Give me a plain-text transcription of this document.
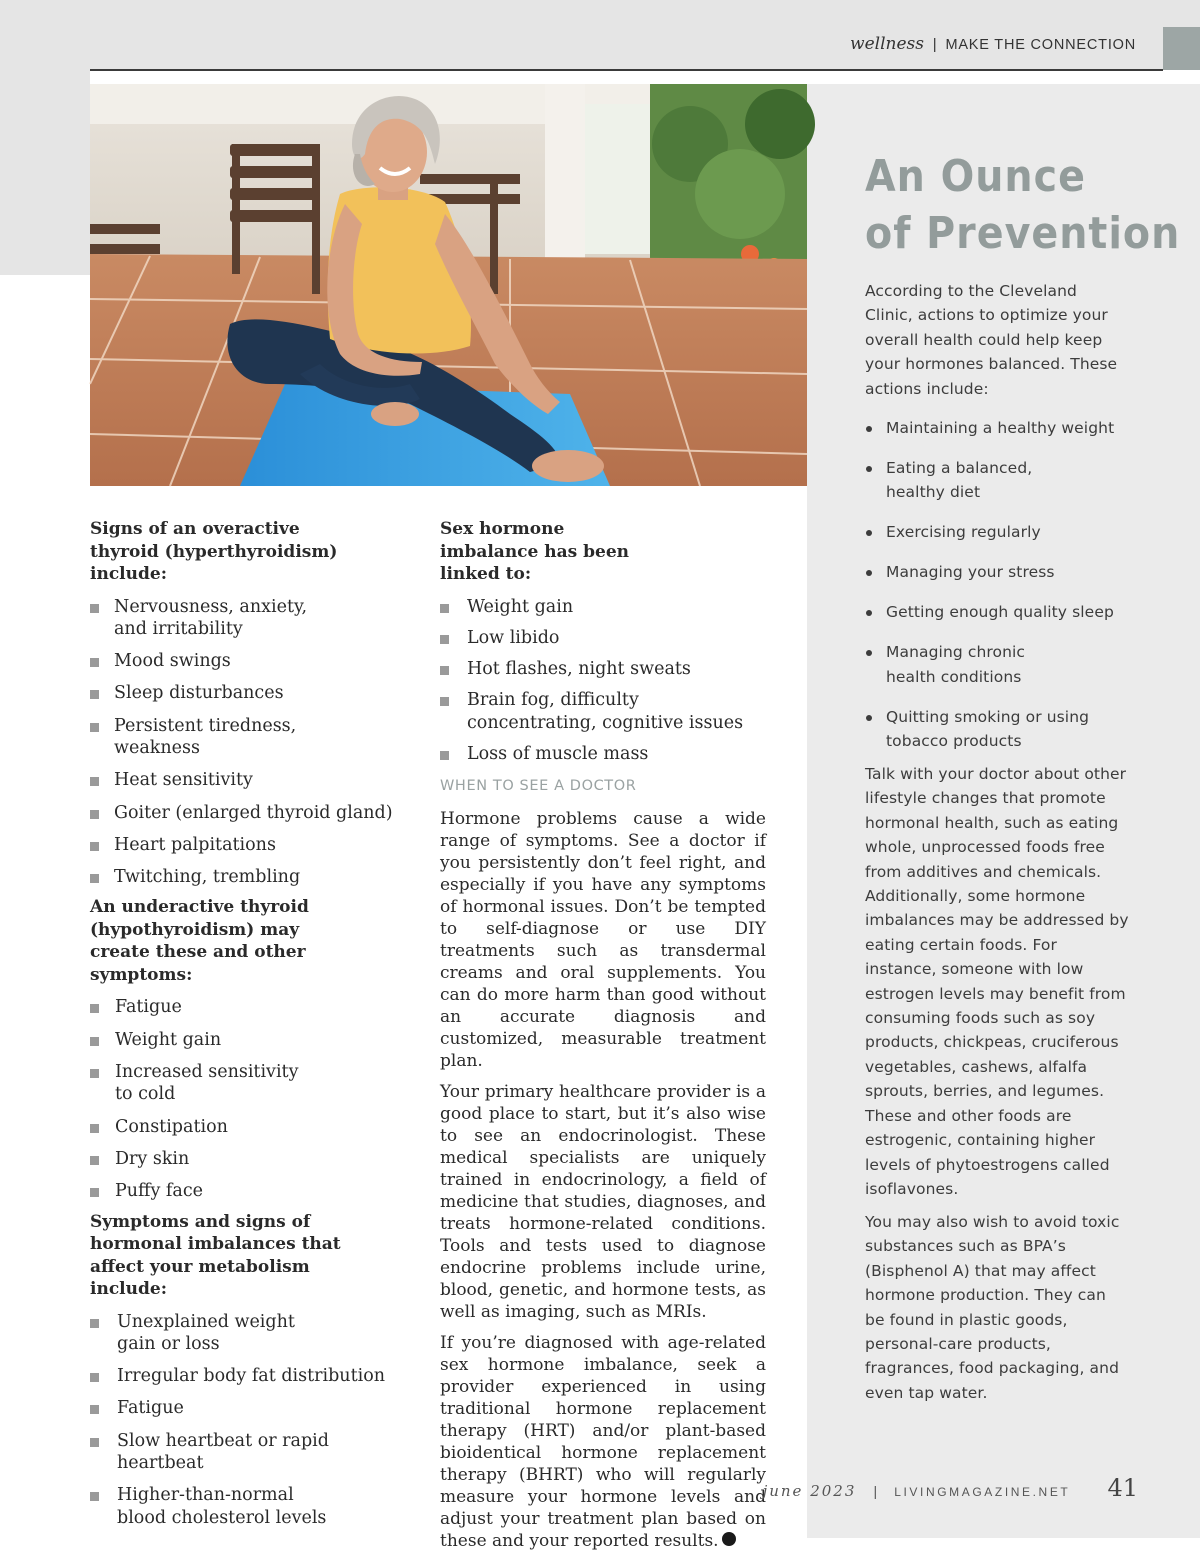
wellness | MAKE THE CONNECTION
Signs of an overactive thyroid (hyperthyroidism) include:
Nervousness, anxiety, and irritability
Mood swings
Sleep disturbances
Persistent tiredness, weakness
Heat sensitivity
Goiter (enlarged thyroid gland)
Heart palpitations
Twitching, trembling
An underactive thyroid (hypothyroidism) may create these and other symptoms:
Fatigue
Weight gain
Increased sensitivity to cold
Constipation
Dry skin
Puffy face
Symptoms and signs of hormonal imbalances that affect your metabolism include:
Unexplained weight gain or loss
Irregular body fat distribution
Fatigue
Slow heartbeat or rapid heartbeat
Higher-than-normal blood cholesterol levels
Sex hormone imbalance has been linked to:
Weight gain
Low libido
Hot flashes, night sweats
Brain fog, difficulty concentrating, cognitive issues
Loss of muscle mass
WHEN TO SEE A DOCTOR

Hormone problems cause a wide range of symptoms. See a doctor if you persistently don’t feel right, and especially if you have any symptoms of hormonal issues. Don’t be tempted to self-diagnose or use DIY treatments such as transdermal creams and oral supplements. You can do more harm than good without an accurate diagnosis and customized, measurable treatment plan.

Your primary healthcare provider is a good place to start, but it’s also wise to see an endocrinologist. These medical specialists are uniquely trained in endocrinology, a field of medicine that studies, diagnoses, and treats hormone-related conditions. Tools and tests used to diagnose endocrine problems include urine, blood, genetic, and hormone tests, as well as imaging, such as MRIs.

If you’re diagnosed with age-related sex hormone imbalance, seek a provider experienced in using traditional hormone replacement therapy (HRT) and/or plant-based bioidentical hormone replacement therapy (BHRT) who will regularly measure your hormone levels and adjust your treatment plan based on these and your reported results.

An Ounce
of Prevention
According to the Cleveland Clinic, actions to optimize your overall health could help keep your hormones balanced. These actions include:
Maintaining a healthy weight
Eating a balanced, healthy diet
Exercising regularly
Managing your stress
Getting enough quality sleep
Managing chronic health conditions
Quitting smoking or using tobacco products
Talk with your doctor about other lifestyle changes that promote hormonal health, such as eating whole, unprocessed foods free from additives and chemicals. Additionally, some hormone imbalances may be addressed by eating certain foods. For instance, someone with low estrogen levels may benefit from consuming foods such as soy products, chickpeas, cruciferous vegetables, cashews, alfalfa sprouts, berries, and legumes. These and other foods are estrogenic, containing higher levels of phytoestrogens called isoflavones.
You may also wish to avoid toxic substances such as BPA’s (Bisphenol A) that may affect hormone production. They can be found in plastic goods, personal-care products, fragrances, food packaging, and even tap water.
june 2023 | LIVINGMAGAZINE.NET 41
